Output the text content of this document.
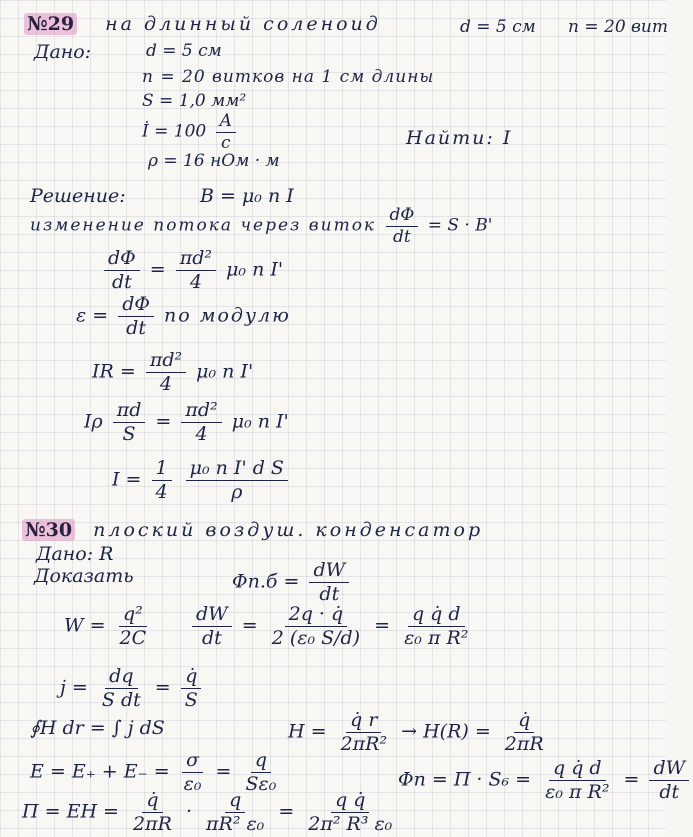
№29 на длинный соленоид	d = 5 см n = 20 вит
Дано:	d = 5 см
n = 20 витков на 1 см длины
S = 1,0 мм²
İ = $100 \frac{A}{c}$	Найти: I
ρ = 16 нОм · м
Решение:	B = μ₀ n I
изменение потока через виток $\frac{d\Phi}{dt} = S \cdot B'$
$\frac{d\Phi}{dt} = \frac{\text{πd²}}{4} \mu_0$ n I'
$\varepsilon = \frac{d\Phi}{dt}$ по модулю
IR = $\frac{\text{πd²}}{4} \mu_0$ n I'
Iρ $\frac{\pi d}{S} = \frac{\text{πd²}}{4} \mu_0$ n I'
$I = \frac{1}{4}$
$\frac{\text{μ₀ n I' d S}}{\rho}$
№30 плоский воздуш. конденсатор
Дано: R
Доказать	$\Phi п.б = \frac{dW}{dt}$
$W = \frac{\text{q²}}{2C} \frac{dW}{dt} = \frac{2q \cdot q̇}{\text{2 (ε₀ S/d)}} = \frac{\text{q q̇ d}}{\text{ε₀ π R²}}$
$j = \frac{dq}{\text{S dt}} = \frac{q̇}{S}$
∮H dr = ∫ j dS	$H = \frac{q̇ r}{\text{2πR²}} \to H(R) = \frac{q̇}{2\pi R}$
$E = E_+ + E_- = \frac{\sigma}{\text{ε₀}} = \frac{q}{\text{Sε₀}}$	$\Phi п = \Pi \cdot S_6 = \frac{\text{q q̇ d}}{\text{ε₀ π R²}} = \frac{dW}{dt}$
Π = EH = $\frac{q̇}{2\pi R} \cdot \frac{q}{\text{πR² ε₀}} = \frac{\text{q q̇}}{\text{2π² R³ ε₀}}$
